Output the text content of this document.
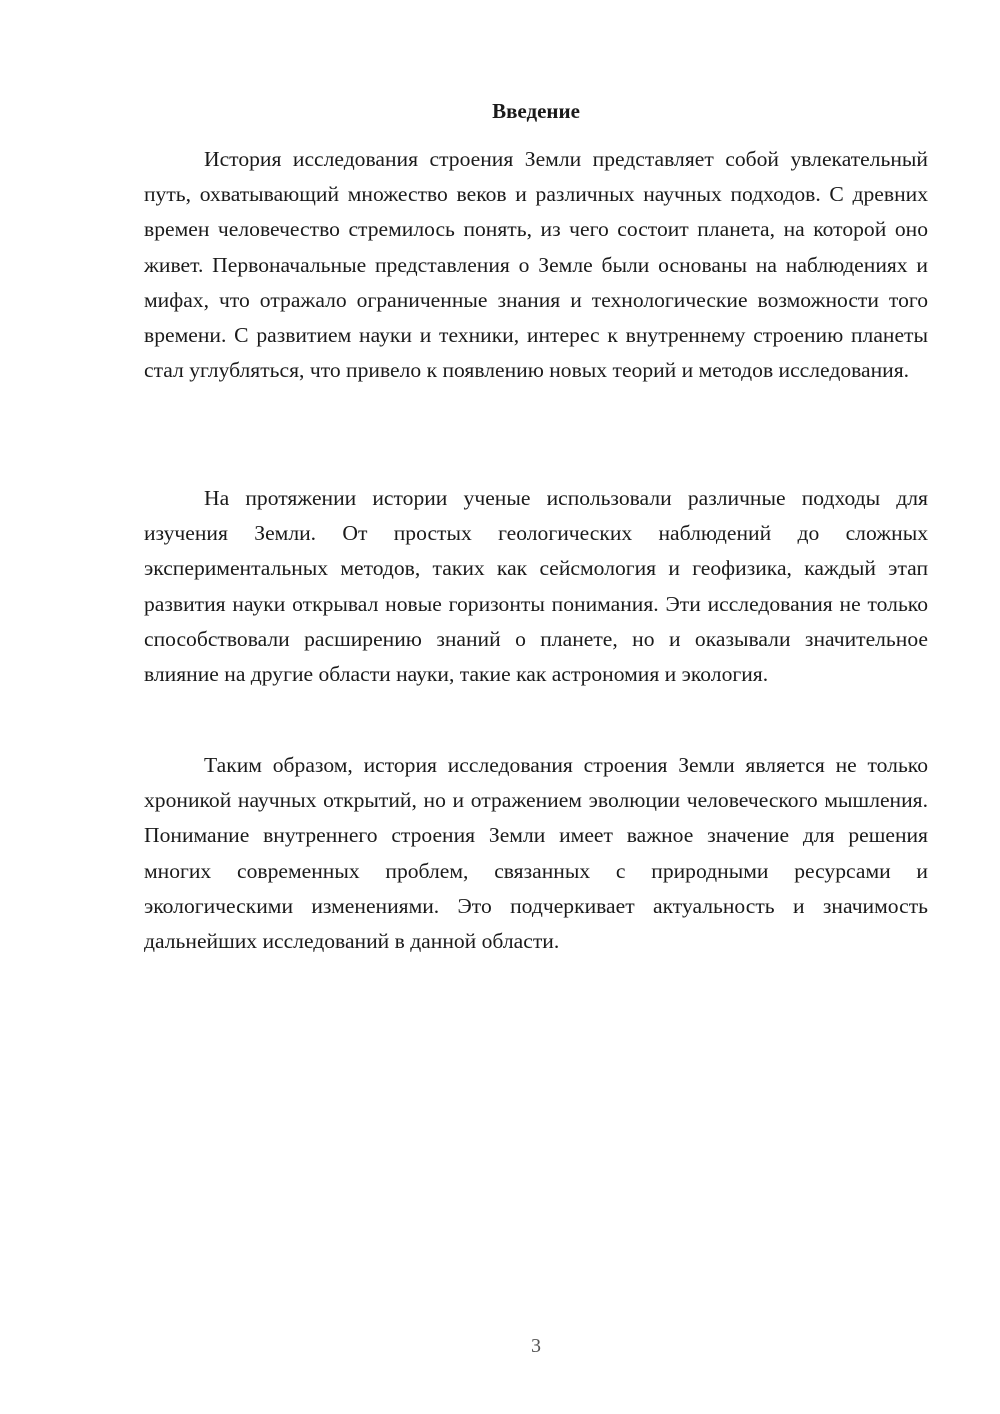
Введение

История исследования строения Земли представляет собой увлекательный путь, охватывающий множество веков и различных научных подходов. С древних времен человечество стремилось понять, из чего состоит планета, на которой оно живет. Первоначальные представления о Земле были основаны на наблюдениях и мифах, что отражало ограниченные знания и технологические возможности того времени. С развитием науки и техники, интерес к внутреннему строению планеты стал углубляться, что привело к появлению новых теорий и методов исследования.

На протяжении истории ученые использовали различные подходы для изучения Земли. От простых геологических наблюдений до сложных экспериментальных методов, таких как сейсмология и геофизика, каждый этап развития науки открывал новые горизонты понимания. Эти исследования не только способствовали расширению знаний о планете, но и оказывали значительное влияние на другие области науки, такие как астрономия и экология.

Таким образом, история исследования строения Земли является не только хроникой научных открытий, но и отражением эволюции человеческого мышления. Понимание внутреннего строения Земли имеет важное значение для решения многих современных проблем, связанных с природными ресурсами и экологическими изменениями. Это подчеркивает актуальность и значимость дальнейших исследований в данной области.

3
